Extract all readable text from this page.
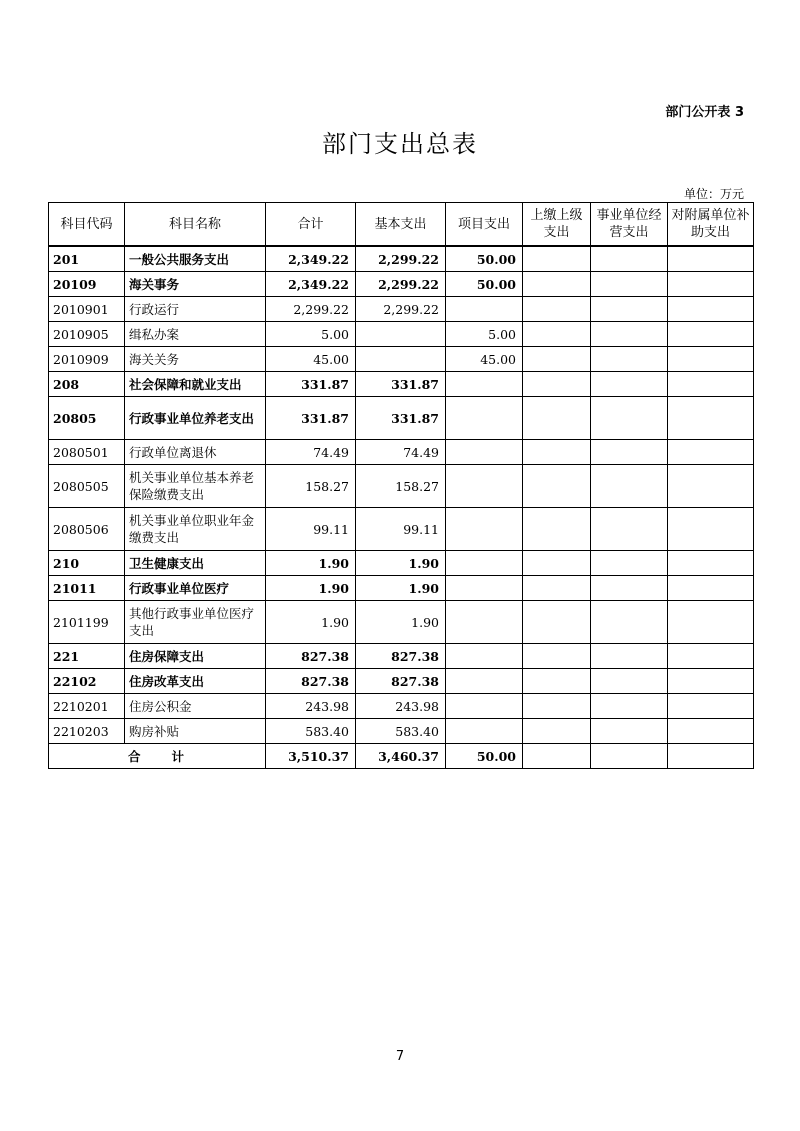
部门公开表 3
部门支出总表
单位：万元
科目代码	科目名称	合计	基本支出	项目支出	上缴上级支出	事业单位经营支出	对附属单位补助支出
201	一般公共服务支出	2,349.22	2,299.22	50.00			
20109	海关事务	2,349.22	2,299.22	50.00			
2010901	行政运行	2,299.22	2,299.22				
2010905	缉私办案	5.00		5.00			
2010909	海关关务	45.00		45.00			
208	社会保障和就业支出	331.87	331.87				
20805	行政事业单位养老支出	331.87	331.87				
2080501	行政单位离退休	74.49	74.49				
2080505	机关事业单位基本养老保险缴费支出	158.27	158.27				
2080506	机关事业单位职业年金缴费支出	99.11	99.11				
210	卫生健康支出	1.90	1.90				
21011	行政事业单位医疗	1.90	1.90				
2101199	其他行政事业单位医疗支出	1.90	1.90				
221	住房保障支出	827.38	827.38				
22102	住房改革支出	827.38	827.38				
2210201	住房公积金	243.98	243.98				
2210203	购房补贴	583.40	583.40				
合　　计		3,510.37	3,460.37	50.00			
7
